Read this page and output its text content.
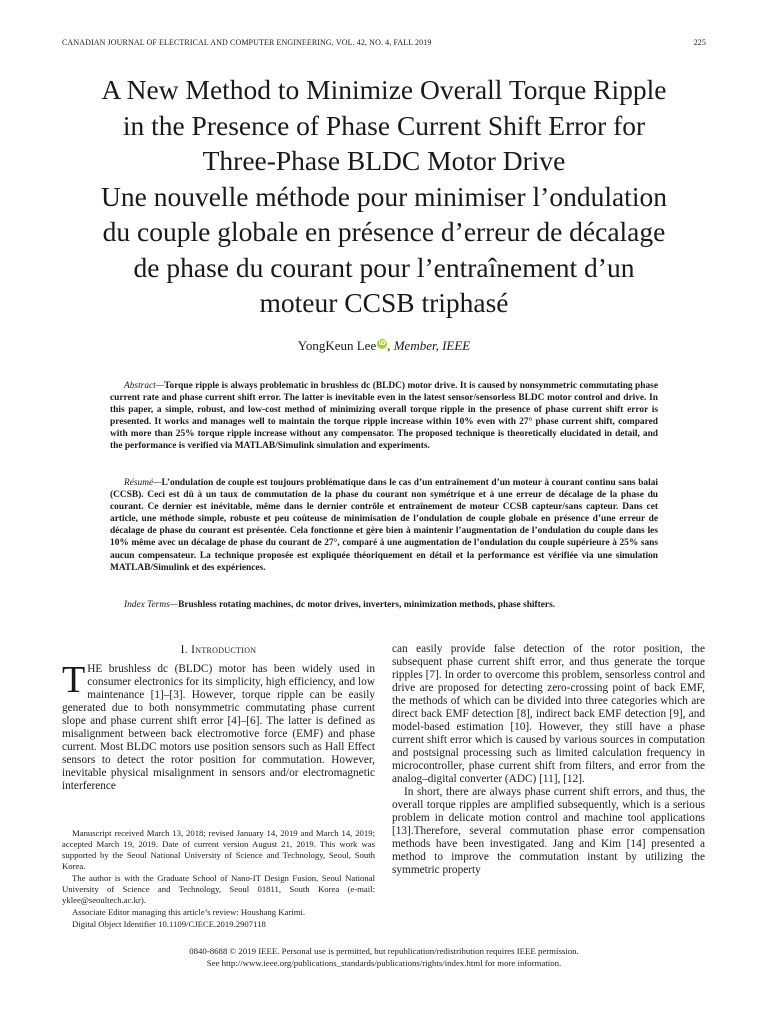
CANADIAN JOURNAL OF ELECTRICAL AND COMPUTER ENGINEERING, VOL. 42, NO. 4, FALL 2019	225
A New Method to Minimize Overall Torque Ripple
in the Presence of Phase Current Shift Error for
Three-Phase BLDC Motor Drive
Une nouvelle méthode pour minimiser l’ondulation
du couple globale en présence d’erreur de décalage
de phase du courant pour l’entraînement d’un
moteur CCSB triphasé
YongKeun Lee iD, Member, IEEE

Abstract—Torque ripple is always problematic in brushless dc (BLDC) motor drive. It is caused by nonsymmetric commutating phase current rate and phase current shift error. The latter is inevitable even in the latest sensor/sensorless BLDC motor control and drive. In this paper, a simple, robust, and low-cost method of minimizing overall torque ripple in the presence of phase current shift error is presented. It works and manages well to maintain the torque ripple increase within 10% even with 27° phase current shift, compared with more than 25% torque ripple increase without any compensator. The proposed technique is theoretically elucidated in detail, and the performance is verified via MATLAB/Simulink simulation and experiments.

Résumé—L’ondulation de couple est toujours problématique dans le cas d’un entraînement d’un moteur à courant continu sans balai (CCSB). Ceci est dû à un taux de commutation de la phase du courant non symétrique et à une erreur de décalage de la phase du courant. Ce dernier est inévitable, même dans le dernier contrôle et entraînement de moteur CCSB capteur/sans capteur. Dans cet article, une méthode simple, robuste et peu coûteuse de minimisation de l’ondulation de couple globale en présence d’une erreur de décalage de phase du courant est présentée. Cela fonctionne et gère bien à maintenir l’augmentation de l’ondulation du couple dans les 10% même avec un décalage de phase du courant de 27°, comparé à une augmentation de l’ondulation du couple supérieure à 25% sans aucun compensateur. La technique proposée est expliquée théoriquement en détail et la performance est vérifiée via une simulation MATLAB/Simulink et des expériences.

Index Terms—Brushless rotating machines, dc motor drives, inverters, minimization methods, phase shifters.

I. Introduction

THE brushless dc (BLDC) motor has been widely used in consumer electronics for its simplicity, high efficiency, and low maintenance [1]–[3]. However, torque ripple can be easily generated due to both nonsymmetric commutating phase current slope and phase current shift error [4]–[6]. The latter is defined as misalignment between back electromotive force (EMF) and phase current. Most BLDC motors use position sensors such as Hall Effect sensors to detect the rotor position for commutation. However, inevitable physical misalignment in sensors and/or electromagnetic interference

Manuscript received March 13, 2018; revised January 14, 2019 and March 14, 2019; accepted March 19, 2019. Date of current version August 21, 2019. This work was supported by the Seoul National University of Science and Technology, Seoul, South Korea.

The author is with the Graduate School of Nano-IT Design Fusion, Seoul National University of Science and Technology, Seoul 01811, South Korea (e-mail: yklee@seoultech.ac.kr).

Associate Editor managing this article’s review: Houshang Karimi.

Digital Object Identifier 10.1109/CJECE.2019.2907118

can easily provide false detection of the rotor position, the subsequent phase current shift error, and thus generate the torque ripples [7]. In order to overcome this problem, sensorless control and drive are proposed for detecting zero-crossing point of back EMF, the methods of which can be divided into three categories which are direct back EMF detection [8], indirect back EMF detection [9], and model-based estimation [10]. However, they still have a phase current shift error which is caused by various sources in computation and postsignal processing such as limited calculation frequency in microcontroller, phase current shift from filters, and error from the analog–digital converter (ADC) [11], [12].

In short, there are always phase current shift errors, and thus, the overall torque ripples are amplified subsequently, which is a serious problem in delicate motion control and machine tool applications [13].Therefore, several commutation phase error compensation methods have been investigated. Jang and Kim [14] presented a method to improve the commutation instant by utilizing the symmetric property

0840-8688 © 2019 IEEE. Personal use is permitted, but republication/redistribution requires IEEE permission.
See http://www.ieee.org/publications_standards/publications/rights/index.html for more information.
